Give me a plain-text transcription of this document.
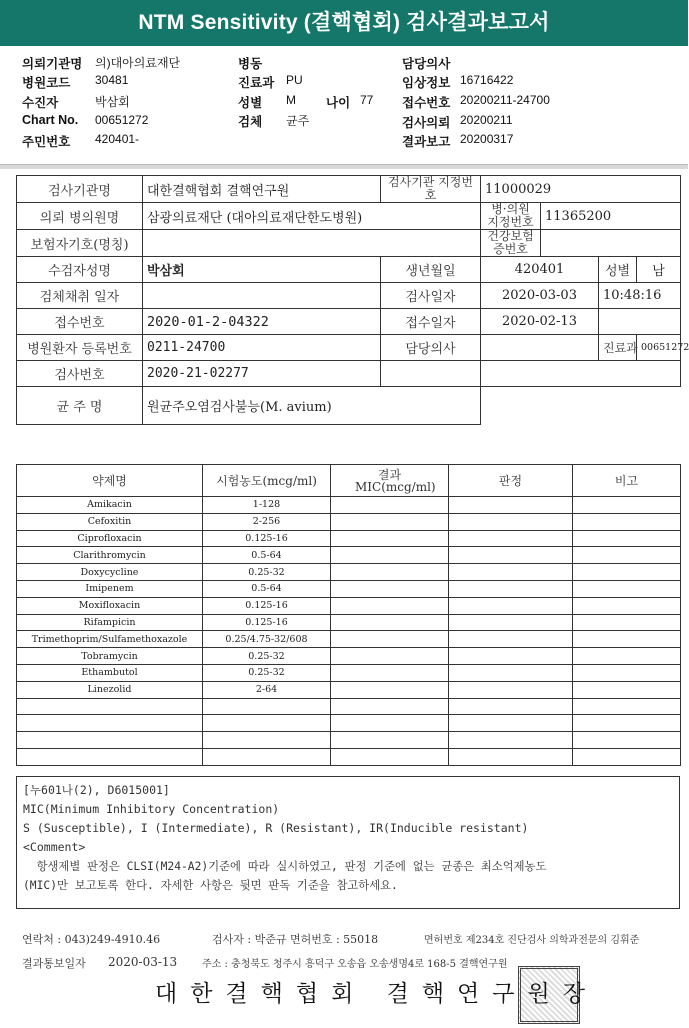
NTM Sensitivity (결핵협회) 검사결과보고서
의뢰기관명 의)대아의료재단
병원코드 30481
수진자	박삼회
Chart No. 00651272
주민번호 420401-
병동
진료과 PU
성별 M 나이 77
검체 균주
담당의사
임상정보 16716422
접수번호 20200211-24700
검사의뢰 20200211
결과보고 20200317
검사기관명	대한결핵협회 결핵연구원	검사기관 지정번호	11000029			
의뢰 병의원명	삼광의료재단 (대아의료재단한도병원)		병·의원 지정번호	11365200		
보험자기호(명칭)			건강보험 증번호			
수검자성명	박삼회	생년월일	420401		성별	남
검체채취 일자		검사일자	2020-03-03		10:48:16	
접수번호	2020-01-2-04322	접수일자	2020-02-13			
병원환자 등록번호	0211-24700	담당의사			진료과	00651272
검사번호	2020-21-02277					
균 주 명	원균주오염검사불능(M. avium)					
약제명	시험농도(mcg/ml)	결과 MIC(mcg/ml)	판정	비고
Amikacin	1-128			
Cefoxitin	2-256			
Ciprofloxacin	0.125-16			
Clarithromycin	0.5-64			
Doxycycline	0.25-32			
Imipenem	0.5-64			
Moxifloxacin	0.125-16			
Rifampicin	0.125-16			
Trimethoprim/Sulfamethoxazole	0.25/4.75-32/608			
Tobramycin	0.25-32			
Ethambutol	0.25-32			
Linezolid	2-64			

[누601나(2), D6015001]
MIC(Minimum Inhibitory Concentration)
S (Susceptible), I (Intermediate), R (Resistant), IR(Inducible resistant)
<Comment>
항생제별 판정은 CLSI(M24-A2)기준에 따라 실시하였고, 판정 기준에 없는 균종은 최소억제농도
(MIC)만 보고토록 한다. 자세한 사항은 뒷면 판독 기준을 참고하세요.
연락처 : 043)249-4910.46	검사자 : 박준규 면허번호 : 55018	면허번호 제234호 진단검사 의학과전문의 김휘준
결과통보일자 2020-03-13 주소 : 충청북도 청주시 흥덕구 오송읍 오송생명4로 168-5 결핵연구원
대한결핵협회 결핵연구원장
